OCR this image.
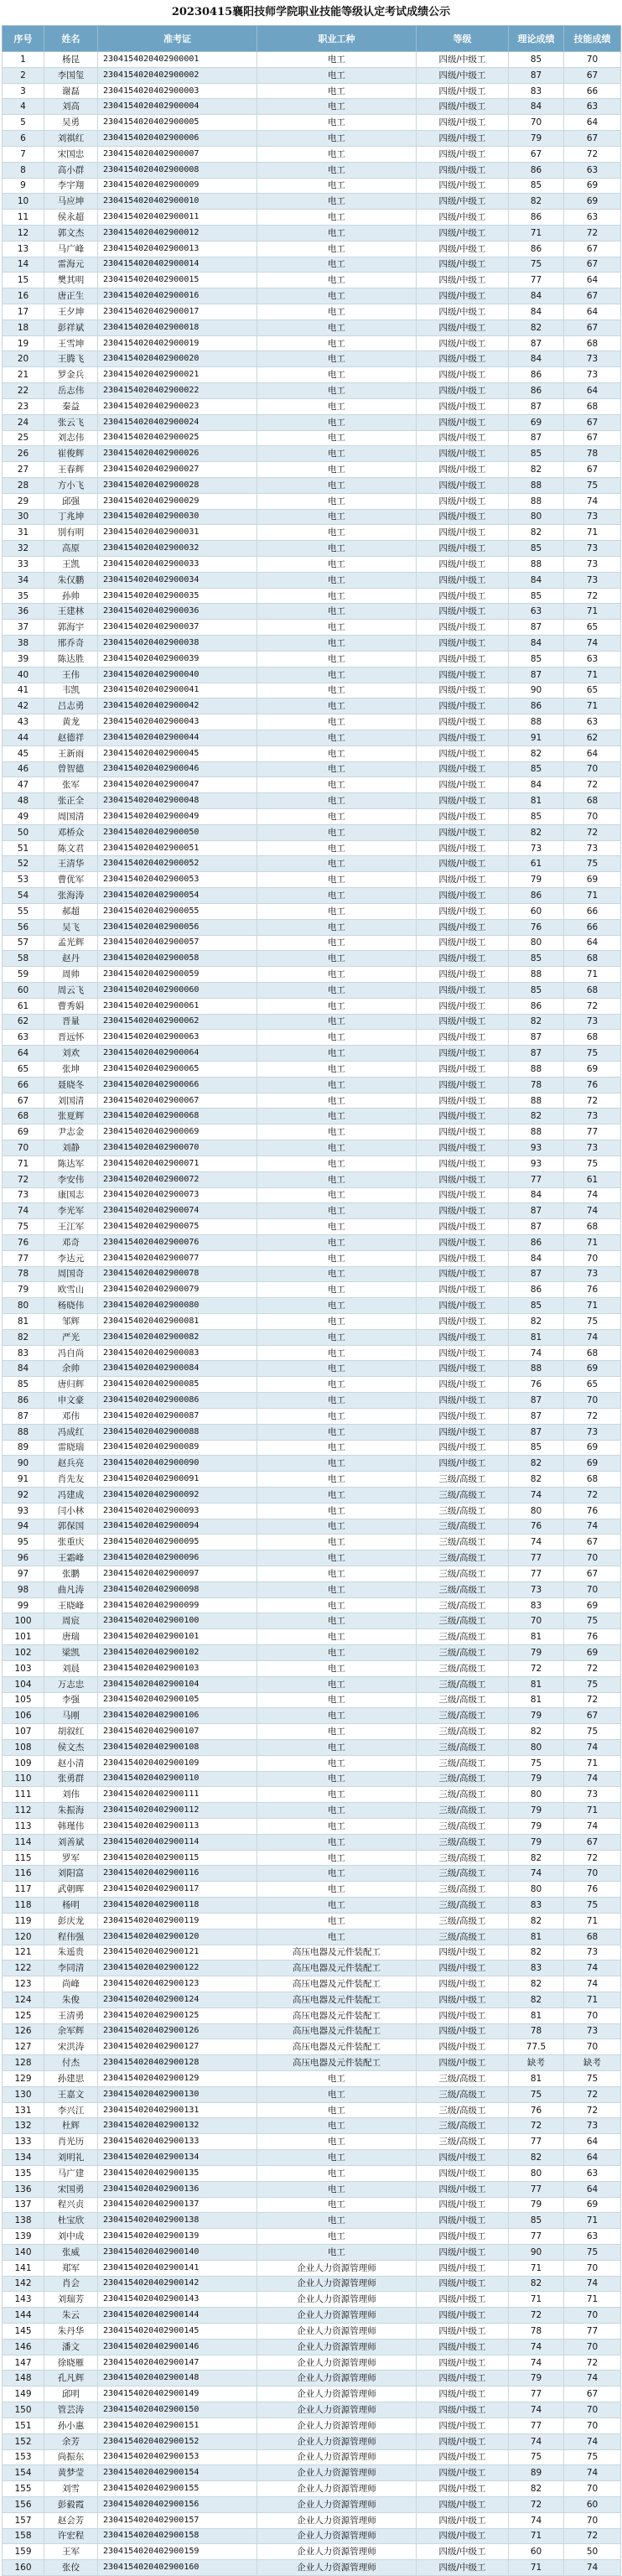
20230415襄阳技师学院职业技能等级认定考试成绩公示
序号	姓名	准考证	职业工种	等级	理论成绩	技能成绩
1	杨昆	2304154020402900001	电工	四级/中级工	85	70
2	李国玺	2304154020402900002	电工	四级/中级工	87	67
3	谢磊	2304154020402900003	电工	四级/中级工	83	66
4	刘高	2304154020402900004	电工	四级/中级工	84	63
5	吴勇	2304154020402900005	电工	四级/中级工	70	64
6	刘祺红	2304154020402900006	电工	四级/中级工	79	67
7	宋国忠	2304154020402900007	电工	四级/中级工	67	72
8	高小群	2304154020402900008	电工	四级/中级工	86	63
9	李宇翔	2304154020402900009	电工	四级/中级工	85	69
10	马应坤	2304154020402900010	电工	四级/中级工	82	69
11	侯永超	2304154020402900011	电工	四级/中级工	86	63
12	郭文杰	2304154020402900012	电工	四级/中级工	71	72
13	马广峰	2304154020402900013	电工	四级/中级工	86	67
14	雷海元	2304154020402900014	电工	四级/中级工	75	67
15	樊其明	2304154020402900015	电工	四级/中级工	77	64
16	唐正生	2304154020402900016	电工	四级/中级工	84	67
17	王夕坤	2304154020402900017	电工	四级/中级工	84	64
18	彭祥斌	2304154020402900018	电工	四级/中级工	82	67
19	王雪坤	2304154020402900019	电工	四级/中级工	87	68
20	王腾飞	2304154020402900020	电工	四级/中级工	84	73
21	罗金兵	2304154020402900021	电工	四级/中级工	86	73
22	岳志伟	2304154020402900022	电工	四级/中级工	86	64
23	秦益	2304154020402900023	电工	四级/中级工	87	68
24	张云飞	2304154020402900024	电工	四级/中级工	69	67
25	刘志伟	2304154020402900025	电工	四级/中级工	87	67
26	崔俊辉	2304154020402900026	电工	四级/中级工	85	78
27	王春辉	2304154020402900027	电工	四级/中级工	82	67
28	方小飞	2304154020402900028	电工	四级/中级工	88	75
29	邱强	2304154020402900029	电工	四级/中级工	88	74
30	丁兆坤	2304154020402900030	电工	四级/中级工	80	73
31	別有明	2304154020402900031	电工	四级/中级工	82	71
32	高原	2304154020402900032	电工	四级/中级工	85	73
33	王凯	2304154020402900033	电工	四级/中级工	88	73
34	朱仅鹏	2304154020402900034	电工	四级/中级工	84	73
35	孙帅	2304154020402900035	电工	四级/中级工	85	72
36	王建林	2304154020402900036	电工	四级/中级工	63	71
37	郭海宇	2304154020402900037	电工	四级/中级工	87	65
38	邢乔奇	2304154020402900038	电工	四级/中级工	84	74
39	陈达胜	2304154020402900039	电工	四级/中级工	85	63
40	王伟	2304154020402900040	电工	四级/中级工	87	71
41	韦凯	2304154020402900041	电工	四级/中级工	90	65
42	吕志勇	2304154020402900042	电工	四级/中级工	86	71
43	黄龙	2304154020402900043	电工	四级/中级工	88	63
44	赵德祥	2304154020402900044	电工	四级/中级工	91	62
45	王新雨	2304154020402900045	电工	四级/中级工	82	64
46	曾智德	2304154020402900046	电工	四级/中级工	85	70
47	张军	2304154020402900047	电工	四级/中级工	84	72
48	张正全	2304154020402900048	电工	四级/中级工	81	68
49	周国清	2304154020402900049	电工	四级/中级工	85	70
50	邓桥众	2304154020402900050	电工	四级/中级工	82	72
51	陈文君	2304154020402900051	电工	四级/中级工	73	73
52	王清华	2304154020402900052	电工	四级/中级工	61	75
53	曹优军	2304154020402900053	电工	四级/中级工	79	69
54	张海涛	2304154020402900054	电工	四级/中级工	86	71
55	郝超	2304154020402900055	电工	四级/中级工	60	66
56	吴飞	2304154020402900056	电工	四级/中级工	76	66
57	孟光辉	2304154020402900057	电工	四级/中级工	80	64
58	赵丹	2304154020402900058	电工	四级/中级工	85	68
59	周帅	2304154020402900059	电工	四级/中级工	88	71
60	周云飞	2304154020402900060	电工	四级/中级工	85	68
61	曹秀娟	2304154020402900061	电工	四级/中级工	86	72
62	晋量	2304154020402900062	电工	四级/中级工	82	73
63	晋远怀	2304154020402900063	电工	四级/中级工	87	68
64	刘欢	2304154020402900064	电工	四级/中级工	87	75
65	张坤	2304154020402900065	电工	四级/中级工	88	69
66	聂晓冬	2304154020402900066	电工	四级/中级工	78	76
67	刘国清	2304154020402900067	电工	四级/中级工	88	72
68	张夏辉	2304154020402900068	电工	四级/中级工	82	73
69	尹志金	2304154020402900069	电工	四级/中级工	88	77
70	刘静	2304154020402900070	电工	四级/中级工	93	73
71	陈达军	2304154020402900071	电工	四级/中级工	93	75
72	李安伟	2304154020402900072	电工	四级/中级工	77	61
73	康国志	2304154020402900073	电工	四级/中级工	84	74
74	李光军	2304154020402900074	电工	四级/中级工	87	74
75	王江军	2304154020402900075	电工	四级/中级工	87	68
76	邓奇	2304154020402900076	电工	四级/中级工	86	71
77	李达元	2304154020402900077	电工	四级/中级工	84	70
78	周国奇	2304154020402900078	电工	四级/中级工	87	73
79	欧雪山	2304154020402900079	电工	四级/中级工	86	76
80	杨晓伟	2304154020402900080	电工	四级/中级工	85	71
81	邹辉	2304154020402900081	电工	四级/中级工	82	75
82	严光	2304154020402900082	电工	四级/中级工	81	74
83	冯自尚	2304154020402900083	电工	四级/中级工	74	68
84	余帅	2304154020402900084	电工	四级/中级工	88	69
85	唐归辉	2304154020402900085	电工	四级/中级工	76	65
86	申文豪	2304154020402900086	电工	四级/中级工	87	70
87	邓伟	2304154020402900087	电工	四级/中级工	87	72
88	冯成红	2304154020402900088	电工	四级/中级工	87	73
89	雷晓瑞	2304154020402900089	电工	四级/中级工	85	69
90	赵兵亮	2304154020402900090	电工	四级/中级工	82	69
91	肖先友	2304154020402900091	电工	三级/高级工	82	68
92	冯建成	2304154020402900092	电工	三级/高级工	74	72
93	闫小林	2304154020402900093	电工	三级/高级工	80	76
94	郭保国	2304154020402900094	电工	三级/高级工	76	74
95	张重庆	2304154020402900095	电工	三级/高级工	74	67
96	王霜峰	2304154020402900096	电工	三级/高级工	77	70
97	张鹏	2304154020402900097	电工	三级/高级工	77	67
98	曲凡涛	2304154020402900098	电工	三级/高级工	73	70
99	王晓峰	2304154020402900099	电工	三级/高级工	83	69
100	周宸	2304154020402900100	电工	三级/高级工	70	75
101	唐瑞	2304154020402900101	电工	三级/高级工	81	76
102	梁凯	2304154020402900102	电工	三级/高级工	79	69
103	刘晨	2304154020402900103	电工	三级/高级工	72	72
104	万志忠	2304154020402900104	电工	三级/高级工	81	75
105	李强	2304154020402900105	电工	三级/高级工	81	72
106	马刚	2304154020402900106	电工	三级/高级工	79	67
107	胡叙红	2304154020402900107	电工	三级/高级工	82	75
108	侯文杰	2304154020402900108	电工	三级/高级工	80	74
109	赵小清	2304154020402900109	电工	三级/高级工	75	71
110	张勇群	2304154020402900110	电工	三级/高级工	79	74
111	刘伟	2304154020402900111	电工	三级/高级工	80	73
112	朱振海	2304154020402900112	电工	三级/高级工	79	71
113	韩瑾伟	2304154020402900113	电工	三级/高级工	79	74
114	刘善斌	2304154020402900114	电工	三级/高级工	79	67
115	罗军	2304154020402900115	电工	三级/高级工	82	72
116	刘阳富	2304154020402900116	电工	三级/高级工	74	70
117	武朝晖	2304154020402900117	电工	三级/高级工	80	76
118	杨明	2304154020402900118	电工	三级/高级工	83	75
119	彭庆龙	2304154020402900119	电工	三级/高级工	82	71
120	程伟强	2304154020402900120	电工	三级/高级工	81	68
121	朱遥贵	2304154020402900121	高压电器及元件装配工	四级/中级工	82	73
122	李同清	2304154020402900122	高压电器及元件装配工	四级/中级工	83	74
123	尚峰	2304154020402900123	高压电器及元件装配工	四级/中级工	82	74
124	朱俊	2304154020402900124	高压电器及元件装配工	四级/中级工	82	71
125	王清勇	2304154020402900125	高压电器及元件装配工	四级/中级工	81	70
126	余军辉	2304154020402900126	高压电器及元件装配工	四级/中级工	78	73
127	宋洪涛	2304154020402900127	高压电器及元件装配工	四级/中级工	77.5	70
128	付杰	2304154020402900128	高压电器及元件装配工	四级/中级工	缺考	缺考
129	孙建思	2304154020402900129	电工	三级/高级工	81	75
130	王嘉文	2304154020402900130	电工	三级/高级工	75	72
131	李兴江	2304154020402900131	电工	三级/高级工	76	72
132	杜辉	2304154020402900132	电工	三级/高级工	72	73
133	肖光历	2304154020402900133	电工	三级/高级工	77	64
134	刘明礼	2304154020402900134	电工	四级/中级工	82	64
135	马广建	2304154020402900135	电工	四级/中级工	80	63
136	宋国勇	2304154020402900136	电工	四级/中级工	77	64
137	程兴贞	2304154020402900137	电工	四级/中级工	79	69
138	杜宝欣	2304154020402900138	电工	四级/中级工	85	71
139	刘中成	2304154020402900139	电工	四级/中级工	77	63
140	张威	2304154020402900140	电工	四级/中级工	90	75
141	郑军	2304154020402900141	企业人力资源管理师	四级/中级工	71	70
142	肖会	2304154020402900142	企业人力资源管理师	四级/中级工	82	74
143	刘瑞芳	2304154020402900143	企业人力资源管理师	四级/中级工	71	71
144	朱云	2304154020402900144	企业人力资源管理师	四级/中级工	72	70
145	朱丹华	2304154020402900145	企业人力资源管理师	四级/中级工	78	77
146	潘文	2304154020402900146	企业人力资源管理师	四级/中级工	74	70
147	徐晓雁	2304154020402900147	企业人力资源管理师	四级/中级工	74	72
148	孔凡辉	2304154020402900148	企业人力资源管理师	四级/中级工	79	74
149	邱明	2304154020402900149	企业人力资源管理师	四级/中级工	77	67
150	管芸涛	2304154020402900150	企业人力资源管理师	四级/中级工	74	70
151	孙小惠	2304154020402900151	企业人力资源管理师	四级/中级工	77	70
152	余芳	2304154020402900152	企业人力资源管理师	四级/中级工	74	74
153	尚振东	2304154020402900153	企业人力资源管理师	四级/中级工	75	75
154	黄梦莹	2304154020402900154	企业人力资源管理师	四级/中级工	89	74
155	刘雪	2304154020402900155	企业人力资源管理师	四级/中级工	82	70
156	彭毅霞	2304154020402900156	企业人力资源管理师	四级/中级工	72	60
157	赵会芳	2304154020402900157	企业人力资源管理师	四级/中级工	74	70
158	许宏程	2304154020402900158	企业人力资源管理师	四级/中级工	71	72
159	王军	2304154020402900159	企业人力资源管理师	四级/中级工	60	50
160	张佼	2304154020402900160	企业人力资源管理师	四级/中级工	71	74
